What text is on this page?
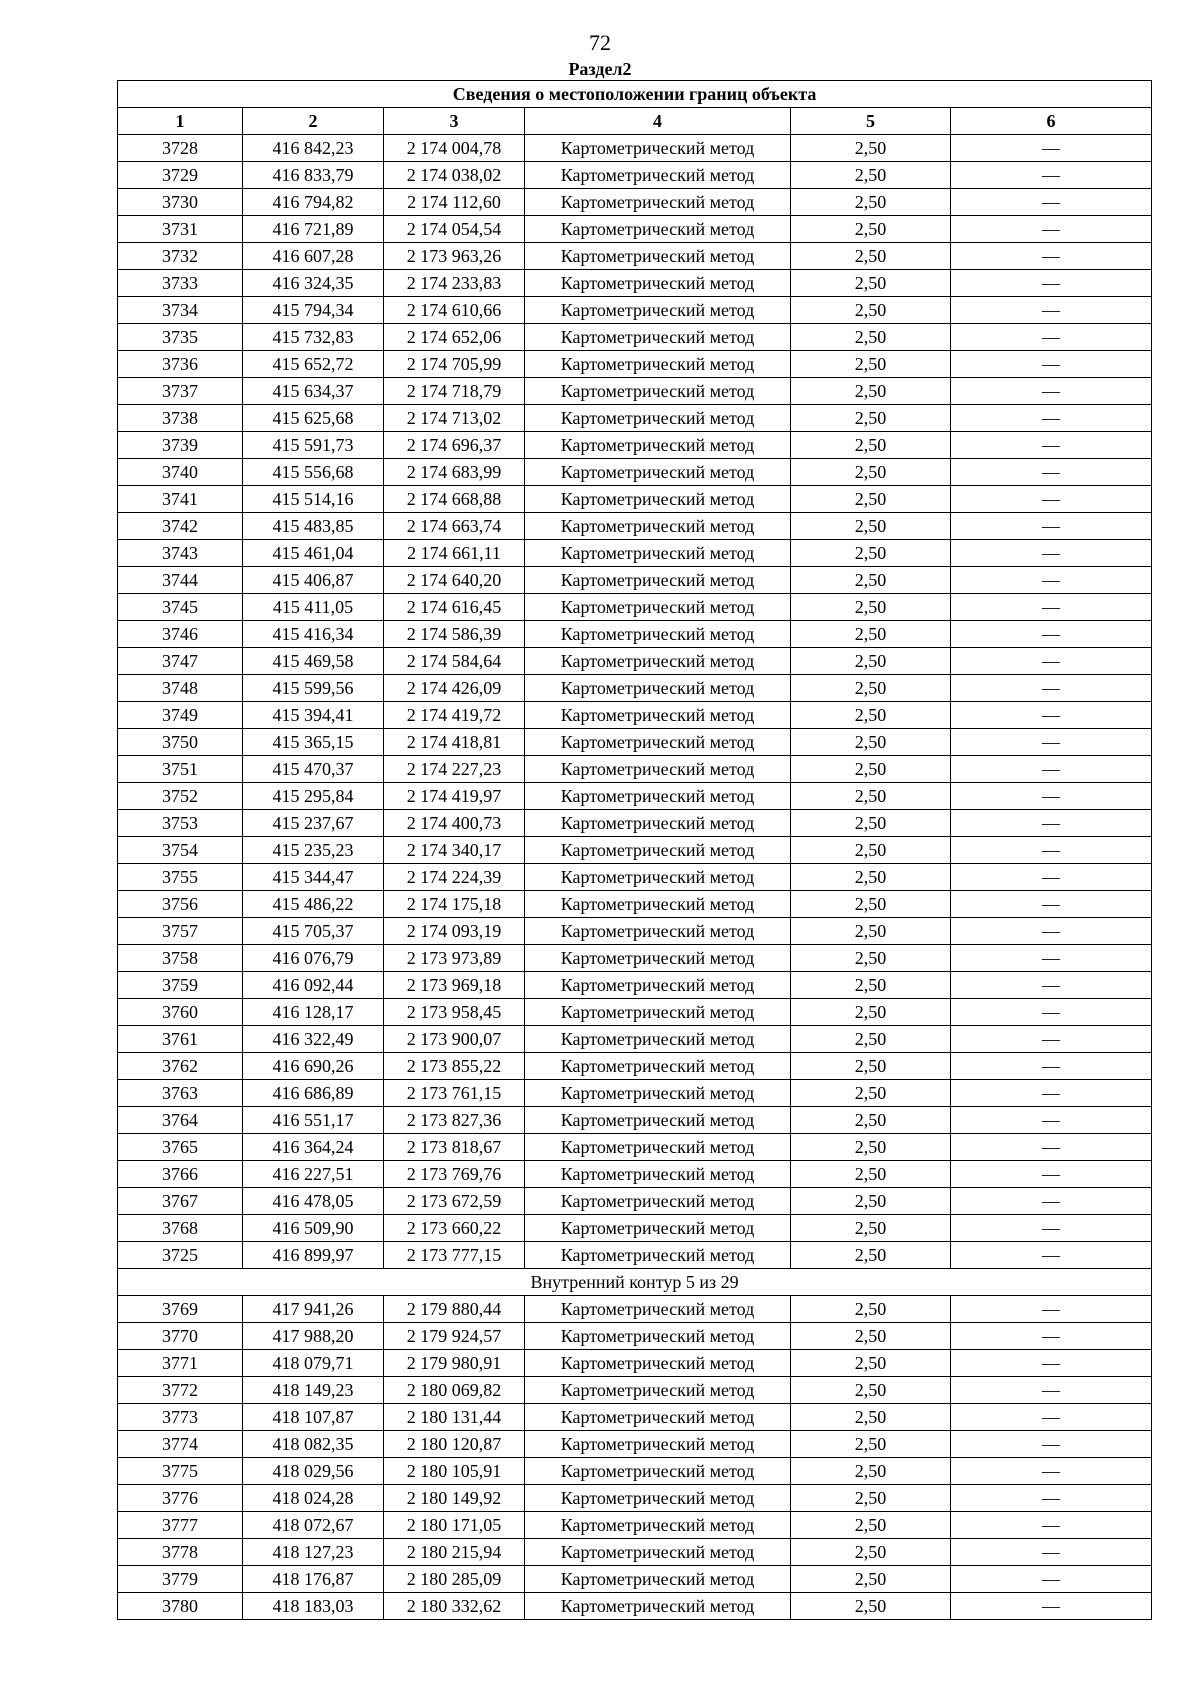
72
Раздел2
Сведения о местоположении границ объекта					
1	2	3	4	5	6
3728	416 842,23	2 174 004,78	Картометрический метод	2,50	—
3729	416 833,79	2 174 038,02	Картометрический метод	2,50	—
3730	416 794,82	2 174 112,60	Картометрический метод	2,50	—
3731	416 721,89	2 174 054,54	Картометрический метод	2,50	—
3732	416 607,28	2 173 963,26	Картометрический метод	2,50	—
3733	416 324,35	2 174 233,83	Картометрический метод	2,50	—
3734	415 794,34	2 174 610,66	Картометрический метод	2,50	—
3735	415 732,83	2 174 652,06	Картометрический метод	2,50	—
3736	415 652,72	2 174 705,99	Картометрический метод	2,50	—
3737	415 634,37	2 174 718,79	Картометрический метод	2,50	—
3738	415 625,68	2 174 713,02	Картометрический метод	2,50	—
3739	415 591,73	2 174 696,37	Картометрический метод	2,50	—
3740	415 556,68	2 174 683,99	Картометрический метод	2,50	—
3741	415 514,16	2 174 668,88	Картометрический метод	2,50	—
3742	415 483,85	2 174 663,74	Картометрический метод	2,50	—
3743	415 461,04	2 174 661,11	Картометрический метод	2,50	—
3744	415 406,87	2 174 640,20	Картометрический метод	2,50	—
3745	415 411,05	2 174 616,45	Картометрический метод	2,50	—
3746	415 416,34	2 174 586,39	Картометрический метод	2,50	—
3747	415 469,58	2 174 584,64	Картометрический метод	2,50	—
3748	415 599,56	2 174 426,09	Картометрический метод	2,50	—
3749	415 394,41	2 174 419,72	Картометрический метод	2,50	—
3750	415 365,15	2 174 418,81	Картометрический метод	2,50	—
3751	415 470,37	2 174 227,23	Картометрический метод	2,50	—
3752	415 295,84	2 174 419,97	Картометрический метод	2,50	—
3753	415 237,67	2 174 400,73	Картометрический метод	2,50	—
3754	415 235,23	2 174 340,17	Картометрический метод	2,50	—
3755	415 344,47	2 174 224,39	Картометрический метод	2,50	—
3756	415 486,22	2 174 175,18	Картометрический метод	2,50	—
3757	415 705,37	2 174 093,19	Картометрический метод	2,50	—
3758	416 076,79	2 173 973,89	Картометрический метод	2,50	—
3759	416 092,44	2 173 969,18	Картометрический метод	2,50	—
3760	416 128,17	2 173 958,45	Картометрический метод	2,50	—
3761	416 322,49	2 173 900,07	Картометрический метод	2,50	—
3762	416 690,26	2 173 855,22	Картометрический метод	2,50	—
3763	416 686,89	2 173 761,15	Картометрический метод	2,50	—
3764	416 551,17	2 173 827,36	Картометрический метод	2,50	—
3765	416 364,24	2 173 818,67	Картометрический метод	2,50	—
3766	416 227,51	2 173 769,76	Картометрический метод	2,50	—
3767	416 478,05	2 173 672,59	Картометрический метод	2,50	—
3768	416 509,90	2 173 660,22	Картометрический метод	2,50	—
3725	416 899,97	2 173 777,15	Картометрический метод	2,50	—
Внутренний контур 5 из 29					
3769	417 941,26	2 179 880,44	Картометрический метод	2,50	—
3770	417 988,20	2 179 924,57	Картометрический метод	2,50	—
3771	418 079,71	2 179 980,91	Картометрический метод	2,50	—
3772	418 149,23	2 180 069,82	Картометрический метод	2,50	—
3773	418 107,87	2 180 131,44	Картометрический метод	2,50	—
3774	418 082,35	2 180 120,87	Картометрический метод	2,50	—
3775	418 029,56	2 180 105,91	Картометрический метод	2,50	—
3776	418 024,28	2 180 149,92	Картометрический метод	2,50	—
3777	418 072,67	2 180 171,05	Картометрический метод	2,50	—
3778	418 127,23	2 180 215,94	Картометрический метод	2,50	—
3779	418 176,87	2 180 285,09	Картометрический метод	2,50	—
3780	418 183,03	2 180 332,62	Картометрический метод	2,50	—
